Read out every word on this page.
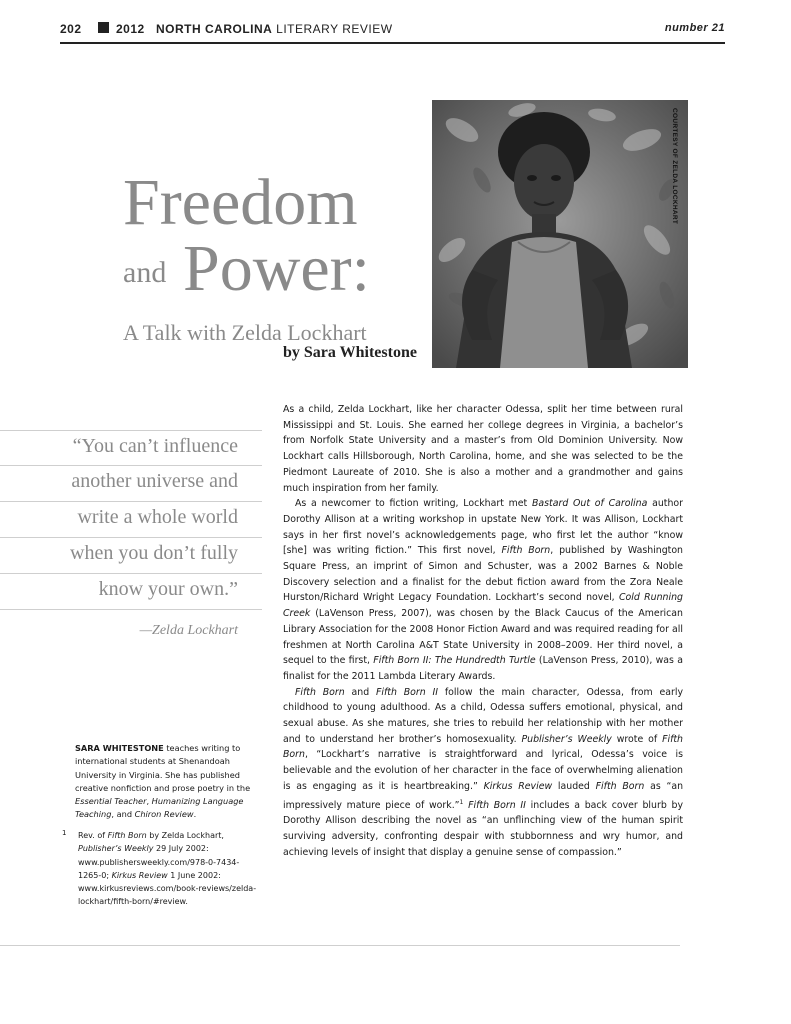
202	2012 NORTH CAROLINA LITERARY REVIEW	number 21
COURTESY OF ZELDA LOCKHART
Freedom
and Power:
A Talk with Zelda Lockhart
by Sara Whitestone
“You can’t influence
another universe and
write a whole world
when you don’t fully
know your own.”
—Zelda Lockhart

As a child, Zelda Lockhart, like her character Odessa, split her time between rural Mississippi and St. Louis. She earned her college degrees in Virginia, a bachelor’s from Norfolk State University and a master’s from Old Dominion University. Now Lockhart calls Hillsborough, North Carolina, home, and she was selected to be the Piedmont Laureate of 2010. She is also a mother and a grandmother and gains much inspiration from her family.

As a newcomer to fiction writing, Lockhart met Bastard Out of Carolina author Dorothy Allison at a writing workshop in upstate New York. It was Allison, Lockhart says in her first novel’s acknowledgements page, who first let the author “know [she] was writing fiction.” This first novel, Fifth Born, published by Washington Square Press, an imprint of Simon and Schuster, was a 2002 Barnes & Noble Discovery selection and a finalist for the debut fiction award from the Zora Neale Hurston/Richard Wright Legacy Foundation. Lockhart’s second novel, Cold Running Creek (LaVenson Press, 2007), was chosen by the Black Caucus of the American Library Association for the 2008 Honor Fiction Award and was required reading for all freshmen at North Carolina A&T State University in 2008–2009. Her third novel, a sequel to the first, Fifth Born II: The Hundredth Turtle (LaVenson Press, 2010), was a finalist for the 2011 Lambda Literary Awards.

Fifth Born and Fifth Born II follow the main character, Odessa, from early childhood to young adulthood. As a child, Odessa suffers emotional, physical, and sexual abuse. As she matures, she tries to rebuild her relationship with her mother and to understand her brother’s homosexuality. Publisher’s Weekly wrote of Fifth Born, “Lockhart’s narrative is straightforward and lyrical, Odessa’s voice is believable and the evolution of her character in the face of overwhelming alienation is as engaging as it is heartbreaking.” Kirkus Review lauded Fifth Born as “an impressively mature piece of work.”$^1$ Fifth Born II includes a back cover blurb by Dorothy Allison describing the novel as “an unflinching view of the human spirit surviving adversity, confronting despair with stubbornness and wry humor, and achieving levels of insight that display a genuine sense of compassion.”

SARA WHITESTONE teaches writing to international students at Shenandoah University in Virginia. She has published creative nonfiction and prose poetry in the Essential Teacher, Humanizing Language Teaching, and Chiron Review.
1 Rev. of Fifth Born by Zelda Lockhart, Publisher’s Weekly 29 July 2002: www.publishersweekly.com/978-0-7434-1265-0; Kirkus Review 1 June 2002: www.kirkusreviews.com/book-reviews/zelda-lockhart/fifth-born/#review.
